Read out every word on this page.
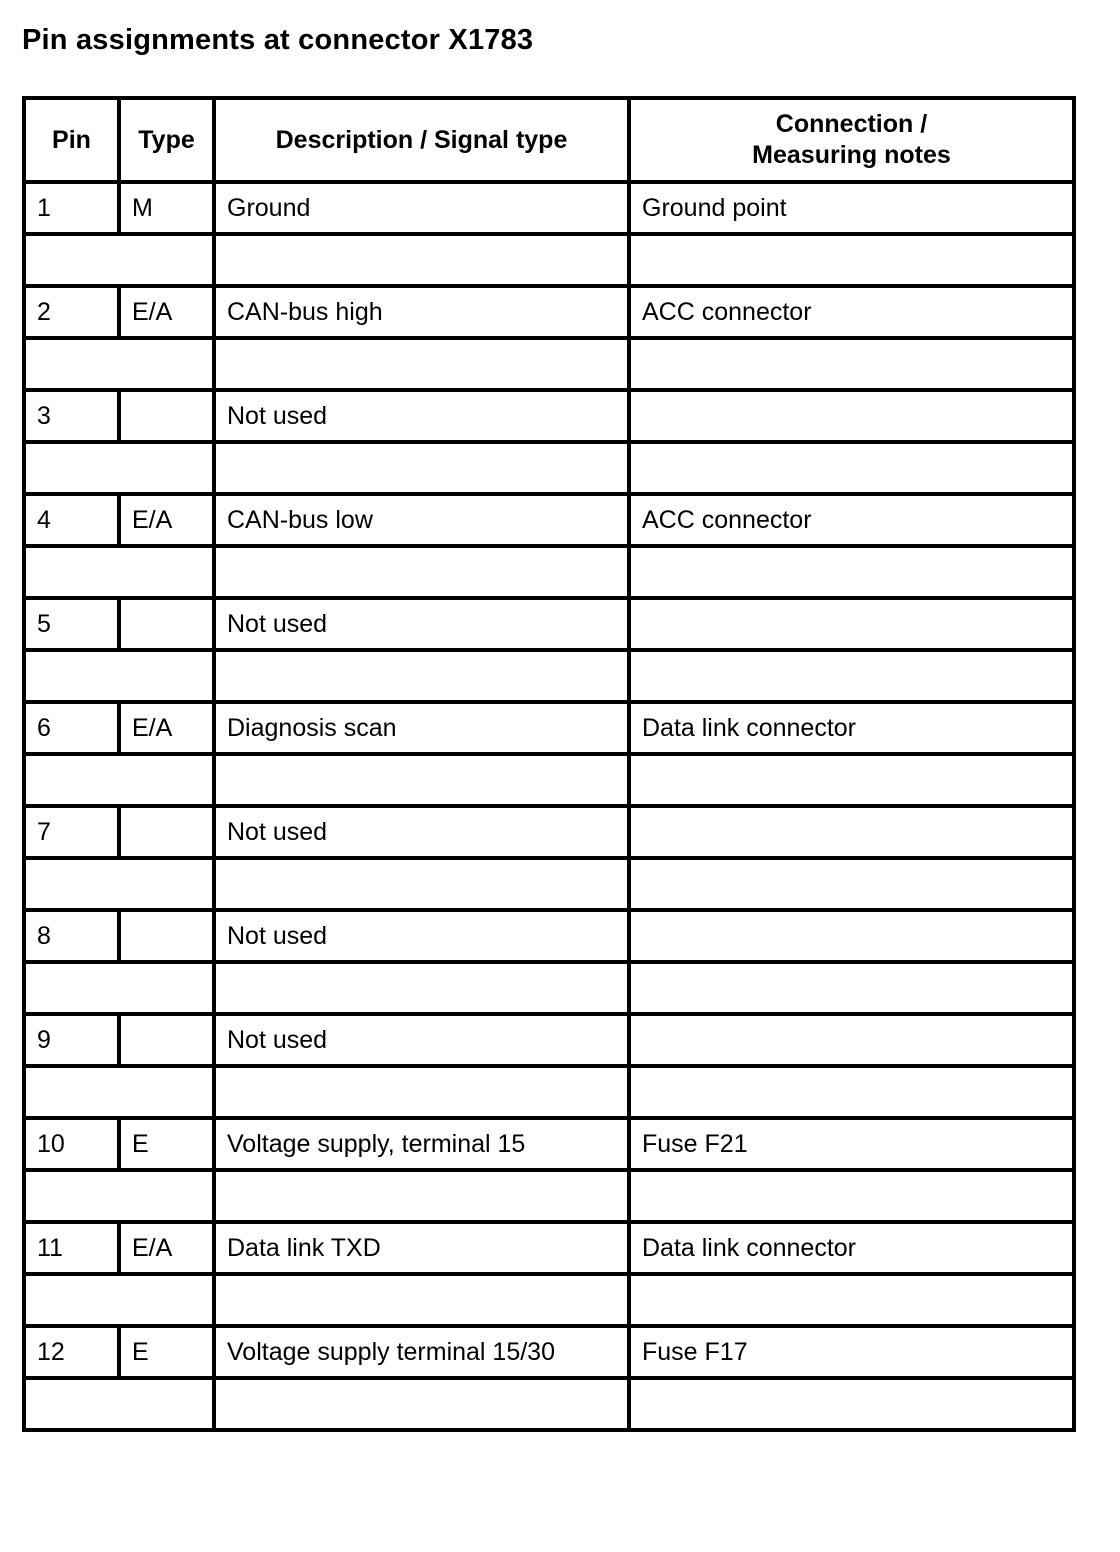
Pin assignments at connector X1783
Pin	Type	Description / Signal type	Connection /
Measuring notes

1	M	Ground	Ground point

2	E/A	CAN-bus high	ACC connector

3		Not used	

4	E/A	CAN-bus low	ACC connector

5		Not used	

6	E/A	Diagnosis scan	Data link connector

7		Not used	

8		Not used	

9		Not used	

10	E	Voltage supply, terminal 15	Fuse F21

11	E/A	Data link TXD	Data link connector

12	E	Voltage supply terminal 15/30	Fuse F17
